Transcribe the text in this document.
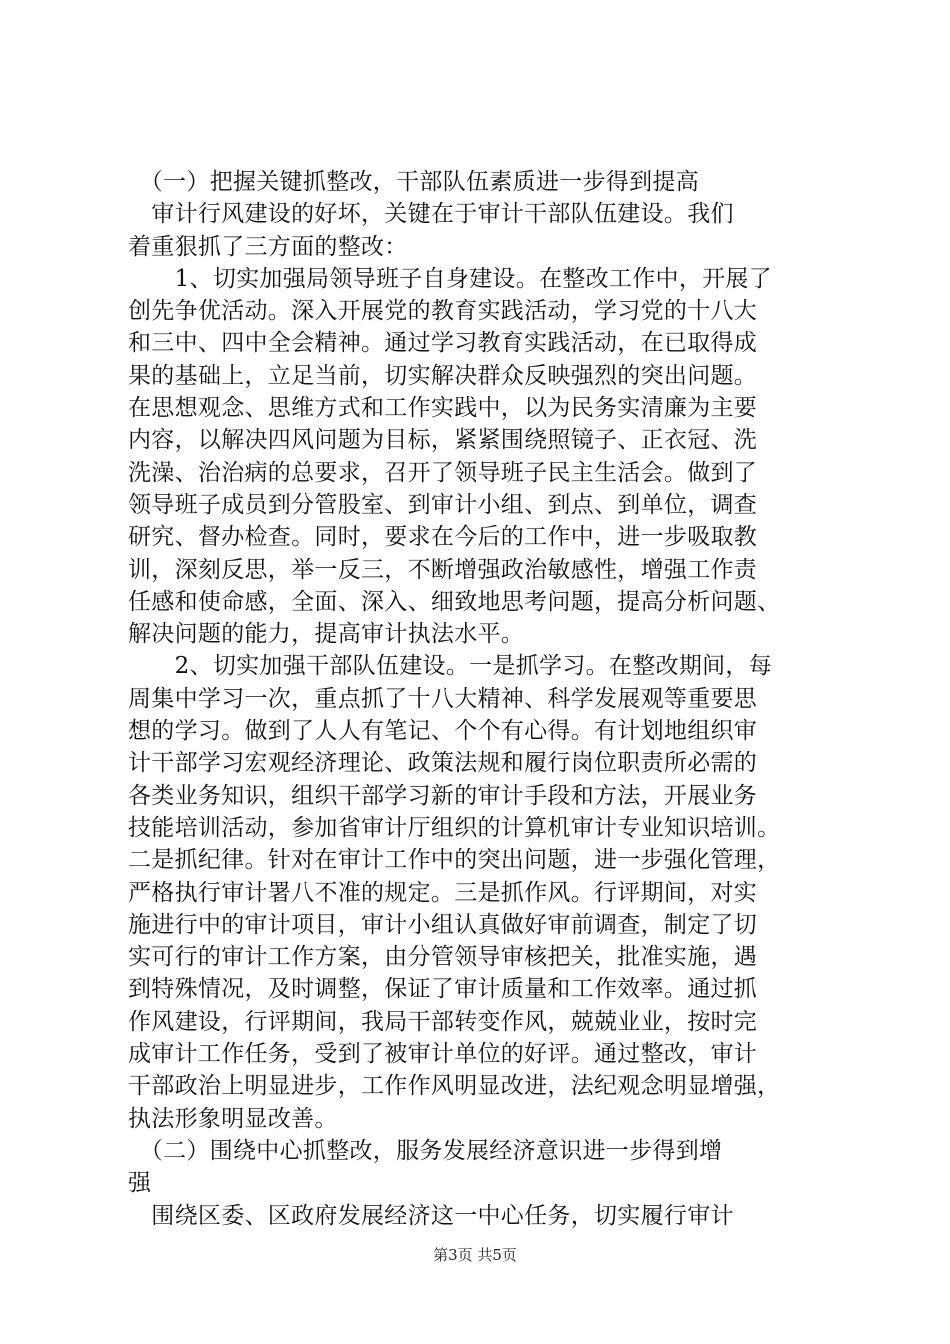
　（一）把握关键抓整改，干部队伍素质进一步得到提高
　审计行风建设的好坏，关键在于审计干部队伍建设。我们
着重狠抓了三方面的整改：
　　1、切实加强局领导班子自身建设。在整改工作中，开展了
创先争优活动。深入开展党的教育实践活动，学习党的十八大
和三中、四中全会精神。通过学习教育实践活动，在已取得成
果的基础上，立足当前，切实解决群众反映强烈的突出问题。
在思想观念、思维方式和工作实践中，以为民务实清廉为主要
内容，以解决四风问题为目标，紧紧围绕照镜子、正衣冠、洗
洗澡、治治病的总要求，召开了领导班子民主生活会。做到了
领导班子成员到分管股室、到审计小组、到点、到单位，调查
研究、督办检查。同时，要求在今后的工作中，进一步吸取教
训，深刻反思，举一反三，不断增强政治敏感性，增强工作责
任感和使命感，全面、深入、细致地思考问题，提高分析问题、
解决问题的能力，提高审计执法水平。
　　2、切实加强干部队伍建设。一是抓学习。在整改期间，每
周集中学习一次，重点抓了十八大精神、科学发展观等重要思
想的学习。做到了人人有笔记、个个有心得。有计划地组织审
计干部学习宏观经济理论、政策法规和履行岗位职责所必需的
各类业务知识，组织干部学习新的审计手段和方法，开展业务
技能培训活动，参加省审计厅组织的计算机审计专业知识培训。
二是抓纪律。针对在审计工作中的突出问题，进一步强化管理，
严格执行审计署八不准的规定。三是抓作风。行评期间，对实
施进行中的审计项目，审计小组认真做好审前调查，制定了切
实可行的审计工作方案，由分管领导审核把关，批准实施，遇
到特殊情况，及时调整，保证了审计质量和工作效率。通过抓
作风建设，行评期间，我局干部转变作风，兢兢业业，按时完
成审计工作任务，受到了被审计单位的好评。通过整改，审计
干部政治上明显进步，工作作风明显改进，法纪观念明显增强，
执法形象明显改善。
　（二）围绕中心抓整改，服务发展经济意识进一步得到增
强
　围绕区委、区政府发展经济这一中心任务，切实履行审计
第3页 共5页
